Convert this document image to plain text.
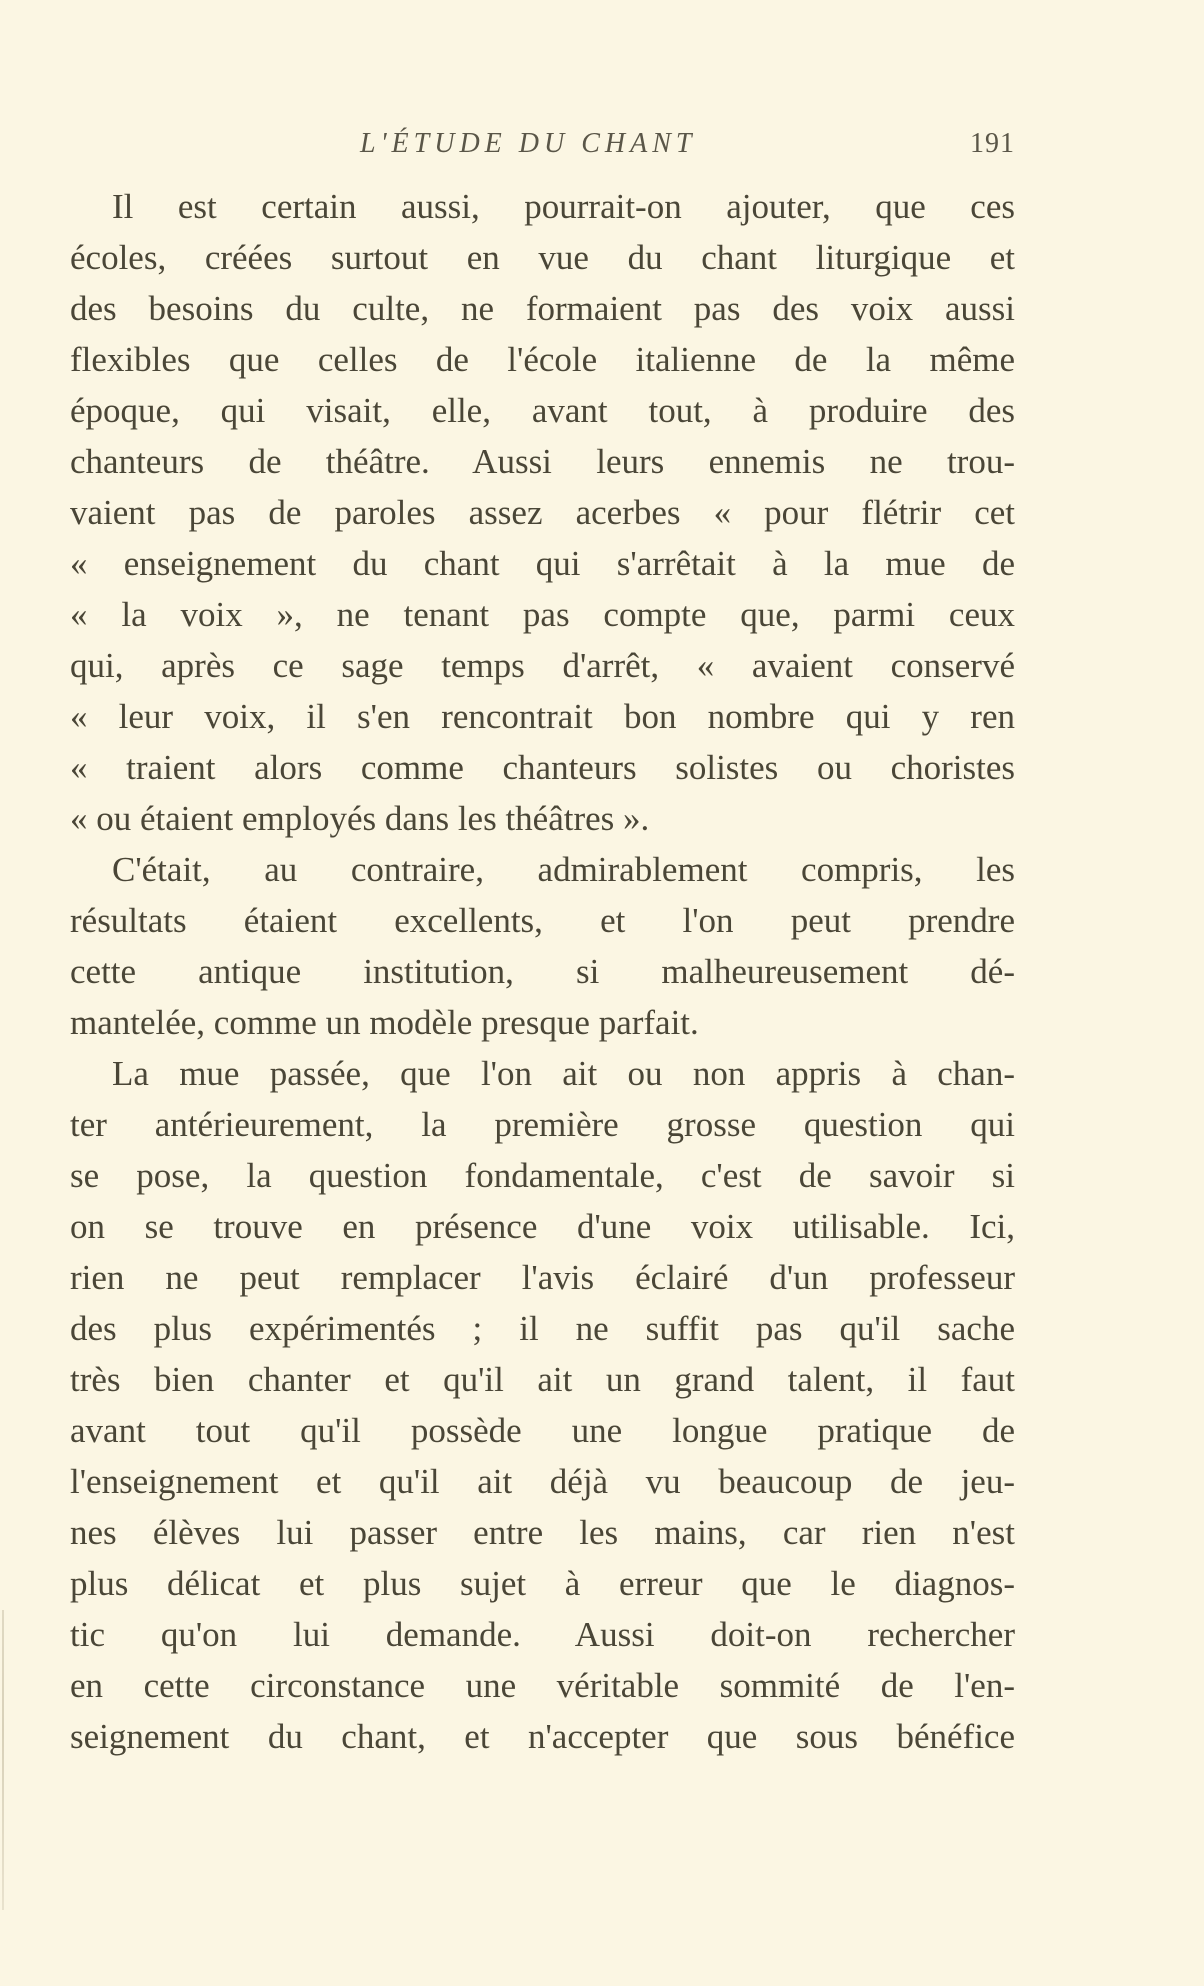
L'ÉTUDE DU CHANT	191
Il est certain aussi, pourrait-on ajouter, que ces
écoles, créées surtout en vue du chant liturgique et
des besoins du culte, ne formaient pas des voix aussi
flexibles que celles de l'école italienne de la même
époque, qui visait, elle, avant tout, à produire des
chanteurs de théâtre. Aussi leurs ennemis ne trou-
vaient pas de paroles assez acerbes « pour flétrir cet
« enseignement du chant qui s'arrêtait à la mue de
« la voix », ne tenant pas compte que, parmi ceux
qui, après ce sage temps d'arrêt, « avaient conservé
« leur voix, il s'en rencontrait bon nombre qui y ren
« traient alors comme chanteurs solistes ou choristes
« ou étaient employés dans les théâtres ».
C'était, au contraire, admirablement compris, les
résultats étaient excellents, et l'on peut prendre
cette antique institution, si malheureusement dé-
mantelée, comme un modèle presque parfait.
La mue passée, que l'on ait ou non appris à chan-
ter antérieurement, la première grosse question qui
se pose, la question fondamentale, c'est de savoir si
on se trouve en présence d'une voix utilisable. Ici,
rien ne peut remplacer l'avis éclairé d'un professeur
des plus expérimentés ; il ne suffit pas qu'il sache
très bien chanter et qu'il ait un grand talent, il faut
avant tout qu'il possède une longue pratique de
l'enseignement et qu'il ait déjà vu beaucoup de jeu-
nes élèves lui passer entre les mains, car rien n'est
plus délicat et plus sujet à erreur que le diagnos-
tic qu'on lui demande. Aussi doit-on rechercher
en cette circonstance une véritable sommité de l'en-
seignement du chant, et n'accepter que sous bénéfice
